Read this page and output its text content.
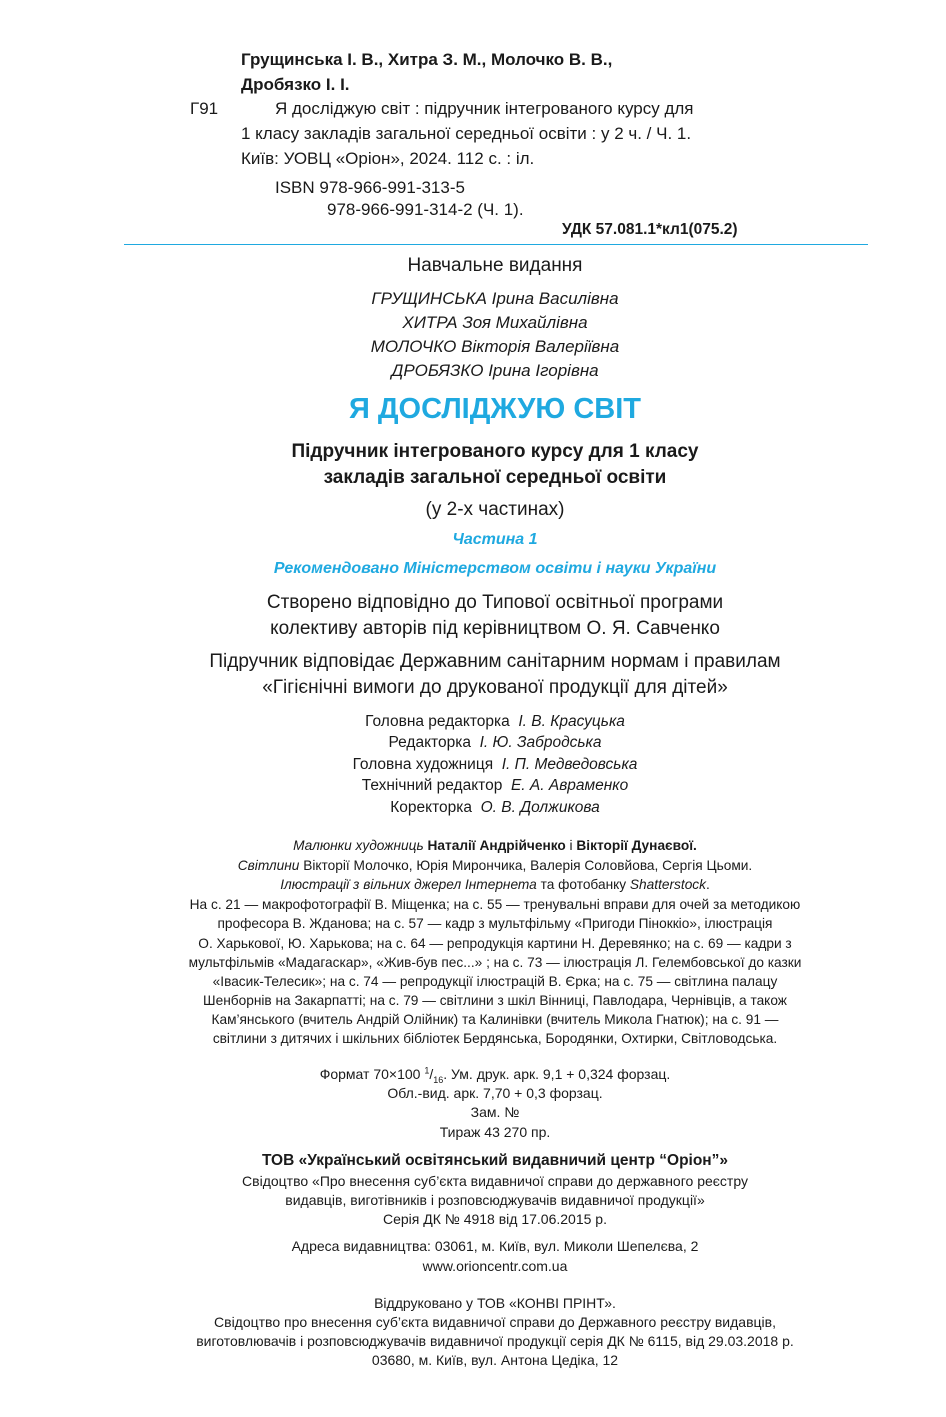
Грущинська І. В., Хитра З. М., Молочко В. В.,
Дробязко І. І.
Г91	Я досліджую світ : підручник інтегрованого курсу для
1 класу закладів загальної середньої освіти : у 2 ч. / Ч. 1.
Київ: УОВЦ «Оріон», 2024. 112 с. : іл.
ISBN 978-966-991-313-5
978-966-991-314-2 (Ч. 1).
УДК 57.081.1*кл1(075.2)
Навчальне видання
ГРУЩИНСЬКА Ірина Василівна
ХИТРА Зоя Михайлівна
МОЛОЧКО Вікторія Валеріївна
ДРОБЯЗКО Ірина Ігорівна
Я ДОСЛІДЖУЮ СВІТ
Підручник інтегрованого курсу для 1 класу
закладів загальної середньої освіти
(у 2-х частинах)
Частина 1
Рекомендовано Міністерством освіти і науки України
Створено відповідно до Типової освітньої програми
колективу авторів під керівництвом О. Я. Савченко
Підручник відповідає Державним санітарним нормам і правилам
«Гігієнічні вимоги до друкованої продукції для дітей»
Головна редакторка І. В. Красуцька
Редакторка І. Ю. Забродська
Головна художниця І. П. Медведовська
Технічний редактор Е. А. Авраменко
Коректорка О. В. Должикова
Малюнки художниць Наталії Андрійченко і Вікторії Дунаєвої.
Світлини Вікторії Молочко, Юрія Мирончика, Валерія Соловйова, Сергія Цьоми.
Ілюстрації з вільних джерел Інтернета та фотобанку Shatterstock.
На с. 21 — макрофотографії В. Міщенка; на с. 55 — тренувальні вправи для очей за методикою
професора В. Жданова; на с. 57 — кадр з мультфільму «Пригоди Піноккіо», ілюстрація
О. Харькової, Ю. Харькова; на с. 64 — репродукція картини Н. Деревянко; на с. 69 — кадри з
мультфільмів «Мадагаскар», «Жив-був пес...» ; на с. 73 — ілюстрація Л. Гелембовської до казки
«Івасик-Телесик»; на с. 74 — репродукції ілюстрацій В. Єрка; на с. 75 — світлина палацу
Шенборнів на Закарпатті; на с. 79 — світлини з шкіл Вінниці, Павлодара, Чернівців, а також
Кам’янського (вчитель Андрій Олійник) та Калинівки (вчитель Микола Гнатюк); на с. 91 —
світлини з дитячих і шкільних бібліотек Бердянська, Бородянки, Охтирки, Світловодська.
Формат 70×100 $^1/_{16}$. Ум. друк. арк. 9,1 + 0,324 форзац.
Обл.-вид. арк. 7,70 + 0,3 форзац.
Зам. №
Тираж 43 270 пр.
ТОВ «Український освітянський видавничий центр “Оріон”»
Свідоцтво «Про внесення суб’єкта видавничої справи до державного реєстру
видавців, виготівників і розповсюджувачів видавничої продукції»
Серія ДК № 4918 від 17.06.2015 р.
Адреса видавництва: 03061, м. Київ, вул. Миколи Шепелєва, 2
www.orioncentr.com.ua
Віддруковано у ТОВ «КОНВІ ПРІНТ».
Свідоцтво про внесення суб’єкта видавничої справи до Державного реєстру видавців,
виготовлювачів і розповсюджувачів видавничої продукції серія ДК № 6115, від 29.03.2018 р.
03680, м. Київ, вул. Антона Цедіка, 12
